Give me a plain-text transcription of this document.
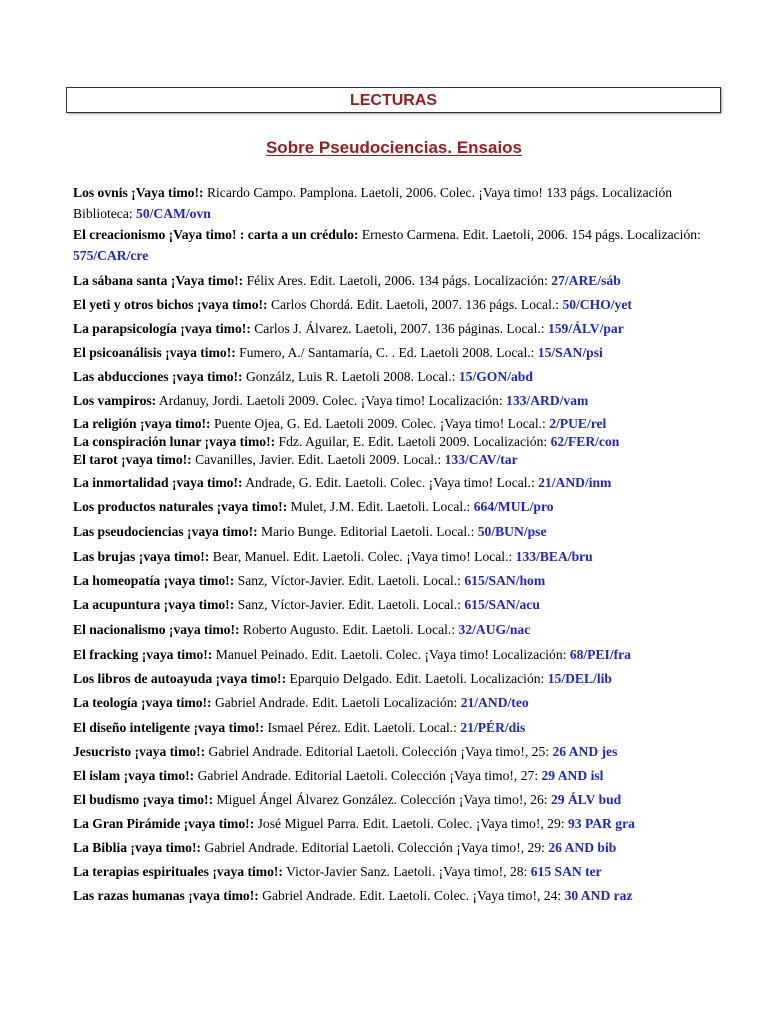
LECTURAS
Sobre Pseudociencias. Ensaios

Los ovnis ¡Vaya timo!: Ricardo Campo. Pamplona. Laetoli, 2006. Colec. ¡Vaya timo! 133 págs. Localización Biblioteca: 50/CAM/ovn

El creacionismo ¡Vaya timo! : carta a un crédulo: Ernesto Carmena. Edit. Laetoli, 2006. 154 págs. Localización: 575/CAR/cre

La sábana santa ¡Vaya timo!: Félix Ares. Edit. Laetoli, 2006. 134 págs. Localización: 27/ARE/sáb

El yeti y otros bichos ¡vaya timo!: Carlos Chordá. Edit. Laetoli, 2007. 136 págs. Local.: 50/CHO/yet

La parapsicología ¡vaya timo!: Carlos J. Álvarez. Laetoli, 2007. 136 páginas. Local.: 159/ÁLV/par

El psicoanálisis ¡vaya timo!: Fumero, A./ Santamaría, C. . Ed. Laetoli 2008. Local.: 15/SAN/psi

Las abducciones ¡vaya timo!: Gonzálz, Luis R. Laetoli 2008. Local.: 15/GON/abd

Los vampiros: Ardanuy, Jordi. Laetoli 2009. Colec. ¡Vaya timo! Localización: 133/ARD/vam

La religión ¡vaya timo!: Puente Ojea, G. Ed. Laetoli 2009. Colec. ¡Vaya timo! Local.: 2/PUE/rel

La conspiración lunar ¡vaya timo!: Fdz. Aguilar, E. Edit. Laetoli 2009. Localización: 62/FER/con

El tarot ¡vaya timo!: Cavanilles, Javier. Edit. Laetoli 2009. Local.: 133/CAV/tar

La inmortalidad ¡vaya timo!: Andrade, G. Edit. Laetoli. Colec. ¡Vaya timo! Local.: 21/AND/inm

Los productos naturales ¡vaya timo!: Mulet, J.M. Edit. Laetoli. Local.: 664/MUL/pro

Las pseudociencias ¡vaya timo!: Mario Bunge. Editorial Laetoli. Local.: 50/BUN/pse

Las brujas ¡vaya timo!: Bear, Manuel. Edit. Laetoli. Colec. ¡Vaya timo! Local.: 133/BEA/bru

La homeopatía ¡vaya timo!: Sanz, Víctor-Javier. Edit. Laetoli. Local.: 615/SAN/hom

La acupuntura ¡vaya timo!: Sanz, Víctor-Javier. Edit. Laetoli. Local.: 615/SAN/acu

El nacionalismo ¡vaya timo!: Roberto Augusto. Edit. Laetoli. Local.: 32/AUG/nac

El fracking ¡vaya timo!: Manuel Peinado. Edit. Laetoli. Colec. ¡Vaya timo! Localización: 68/PEI/fra

Los libros de autoayuda ¡vaya timo!: Eparquio Delgado. Edit. Laetoli. Localización: 15/DEL/lib

La teología ¡vaya timo!: Gabriel Andrade. Edit. Laetoli Localización: 21/AND/teo

El diseño inteligente ¡vaya timo!: Ismael Pérez. Edit. Laetoli. Local.: 21/PÉR/dis

Jesucristo ¡vaya timo!: Gabriel Andrade. Editorial Laetoli. Colección ¡Vaya timo!, 25: 26 AND jes

El islam ¡vaya timo!: Gabriel Andrade. Editorial Laetoli. Colección ¡Vaya timo!, 27: 29 AND isl

El budismo ¡vaya timo!: Miguel Ángel Álvarez González. Colección ¡Vaya timo!, 26: 29 ÁLV bud

La Gran Pirámide ¡vaya timo!: José Miguel Parra. Edit. Laetoli. Colec. ¡Vaya timo!, 29: 93 PAR gra

La Biblia ¡vaya timo!: Gabriel Andrade. Editorial Laetoli. Colección ¡Vaya timo!, 29: 26 AND bib

La terapias espirituales ¡vaya timo!: Victor-Javier Sanz. Laetoli. ¡Vaya timo!, 28: 615 SAN ter

Las razas humanas ¡vaya timo!: Gabriel Andrade. Edit. Laetoli. Colec. ¡Vaya timo!, 24: 30 AND raz
